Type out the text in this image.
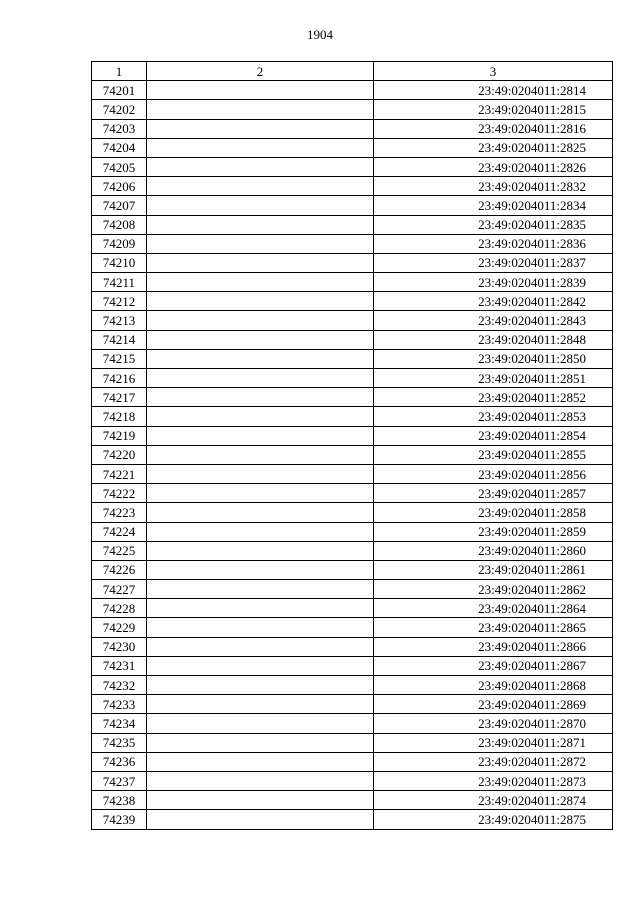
1904
1	2	3
74201		23:49:0204011:2814
74202		23:49:0204011:2815
74203		23:49:0204011:2816
74204		23:49:0204011:2825
74205		23:49:0204011:2826
74206		23:49:0204011:2832
74207		23:49:0204011:2834
74208		23:49:0204011:2835
74209		23:49:0204011:2836
74210		23:49:0204011:2837
74211		23:49:0204011:2839
74212		23:49:0204011:2842
74213		23:49:0204011:2843
74214		23:49:0204011:2848
74215		23:49:0204011:2850
74216		23:49:0204011:2851
74217		23:49:0204011:2852
74218		23:49:0204011:2853
74219		23:49:0204011:2854
74220		23:49:0204011:2855
74221		23:49:0204011:2856
74222		23:49:0204011:2857
74223		23:49:0204011:2858
74224		23:49:0204011:2859
74225		23:49:0204011:2860
74226		23:49:0204011:2861
74227		23:49:0204011:2862
74228		23:49:0204011:2864
74229		23:49:0204011:2865
74230		23:49:0204011:2866
74231		23:49:0204011:2867
74232		23:49:0204011:2868
74233		23:49:0204011:2869
74234		23:49:0204011:2870
74235		23:49:0204011:2871
74236		23:49:0204011:2872
74237		23:49:0204011:2873
74238		23:49:0204011:2874
74239		23:49:0204011:2875
